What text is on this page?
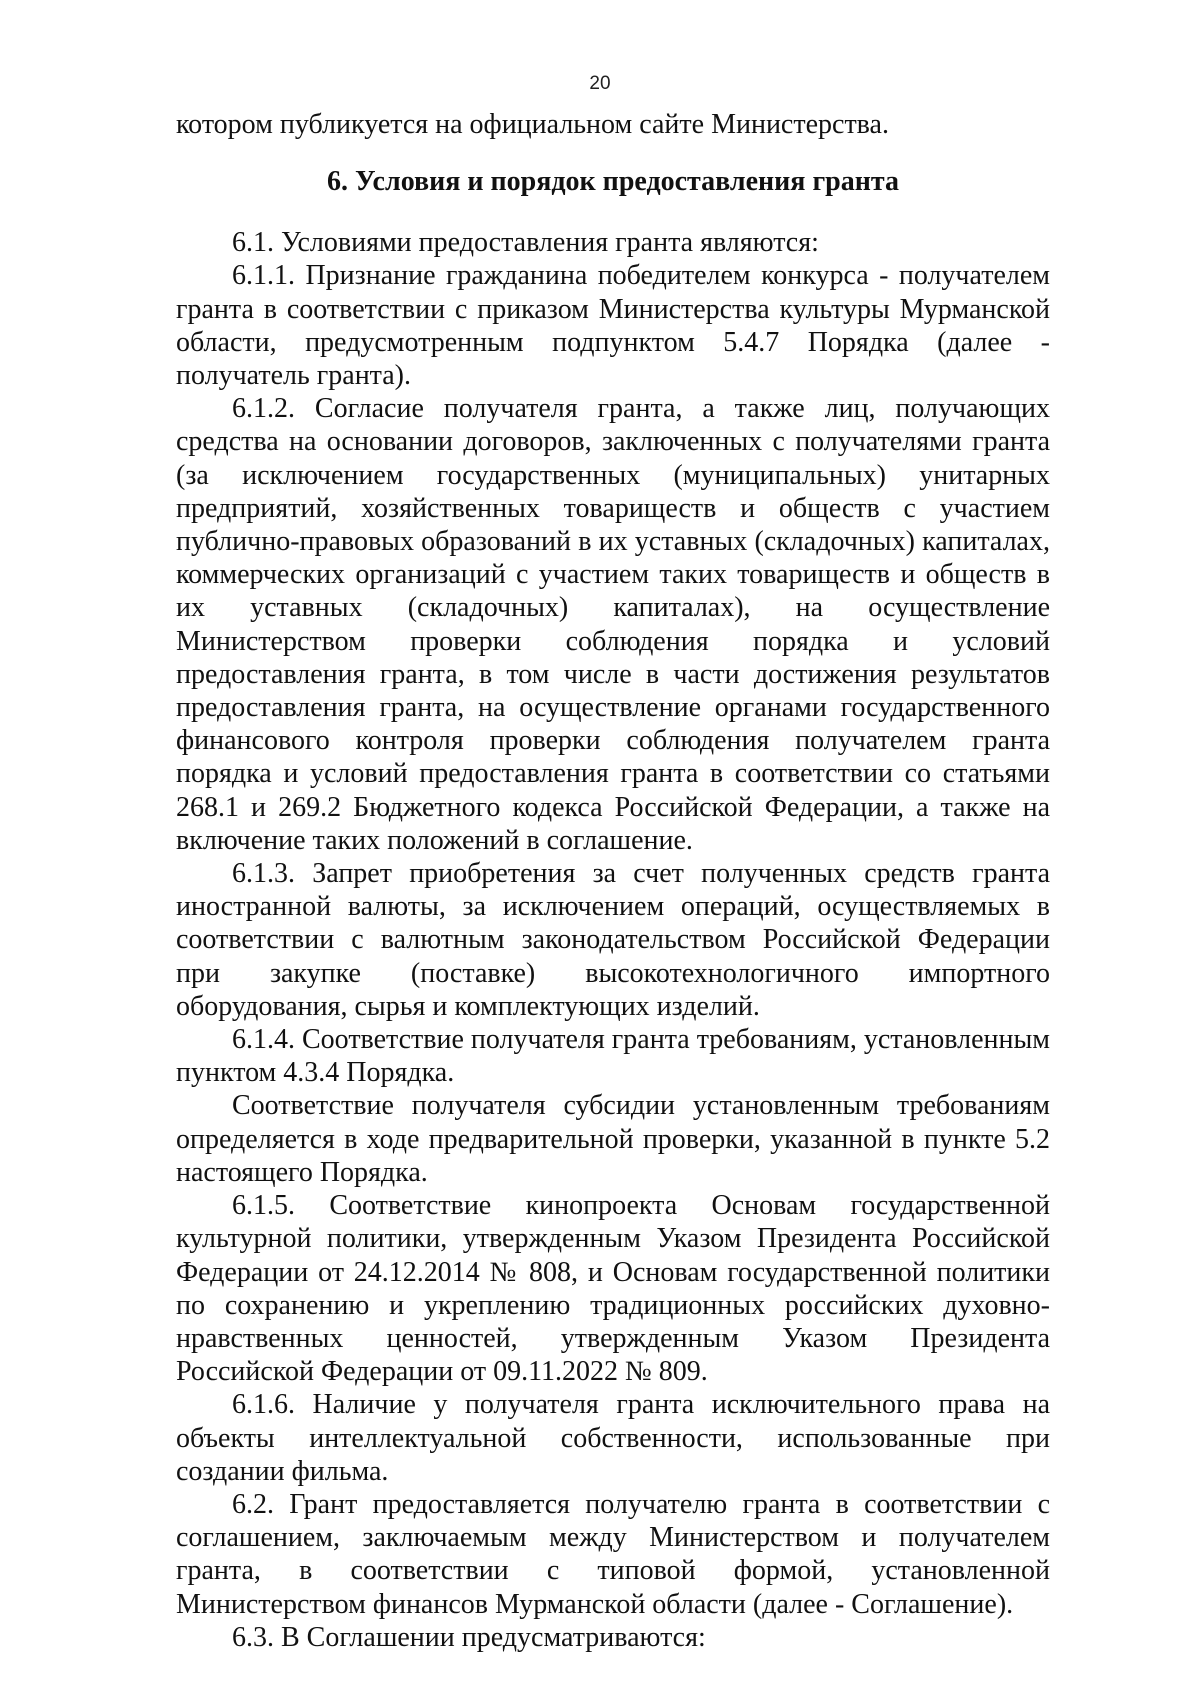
20

котором публикуется на официальном сайте Министерства.

6. Условия и порядок предоставления гранта

6.1. Условиями предоставления гранта являются:

6.1.1. Признание гражданина победителем конкурса - получателем гранта в соответствии с приказом Министерства культуры Мурманской области, предусмотренным подпунктом 5.4.7 Порядка (далее - получатель гранта).

6.1.2. Согласие получателя гранта, а также лиц, получающих средства на основании договоров, заключенных с получателями гранта (за исключением государственных (муниципальных) унитарных предприятий, хозяйственных товариществ и обществ с участием публично-правовых образований в их уставных (складочных) капиталах, коммерческих организаций с участием таких товариществ и обществ в их уставных (складочных) капиталах), на осуществление Министерством проверки соблюдения порядка и условий предоставления гранта, в том числе в части достижения результатов предоставления гранта, на осуществление органами государственного финансового контроля проверки соблюдения получателем гранта порядка и условий предоставления гранта в соответствии со статьями 268.1 и 269.2 Бюджетного кодекса Российской Федерации, а также на включение таких положений в соглашение.

6.1.3. Запрет приобретения за счет полученных средств гранта иностранной валюты, за исключением операций, осуществляемых в соответствии с валютным законодательством Российской Федерации при закупке (поставке) высокотехнологичного импортного оборудования, сырья и комплектующих изделий.

6.1.4. Соответствие получателя гранта требованиям, установленным пунктом 4.3.4 Порядка.

Соответствие получателя субсидии установленным требованиям определяется в ходе предварительной проверки, указанной в пункте 5.2 настоящего Порядка.

6.1.5. Соответствие кинопроекта Основам государственной культурной политики, утвержденным Указом Президента Российской Федерации от 24.12.2014 № 808, и Основам государственной политики по сохранению и укреплению традиционных российских духовно-нравственных ценностей, утвержденным Указом Президента Российской Федерации от 09.11.2022 № 809.

6.1.6. Наличие у получателя гранта исключительного права на объекты интеллектуальной собственности, использованные при создании фильма.

6.2. Грант предоставляется получателю гранта в соответствии с соглашением, заключаемым между Министерством и получателем гранта, в соответствии с типовой формой, установленной Министерством финансов Мурманской области (далее - Соглашение).

6.3. В Соглашении предусматриваются:
